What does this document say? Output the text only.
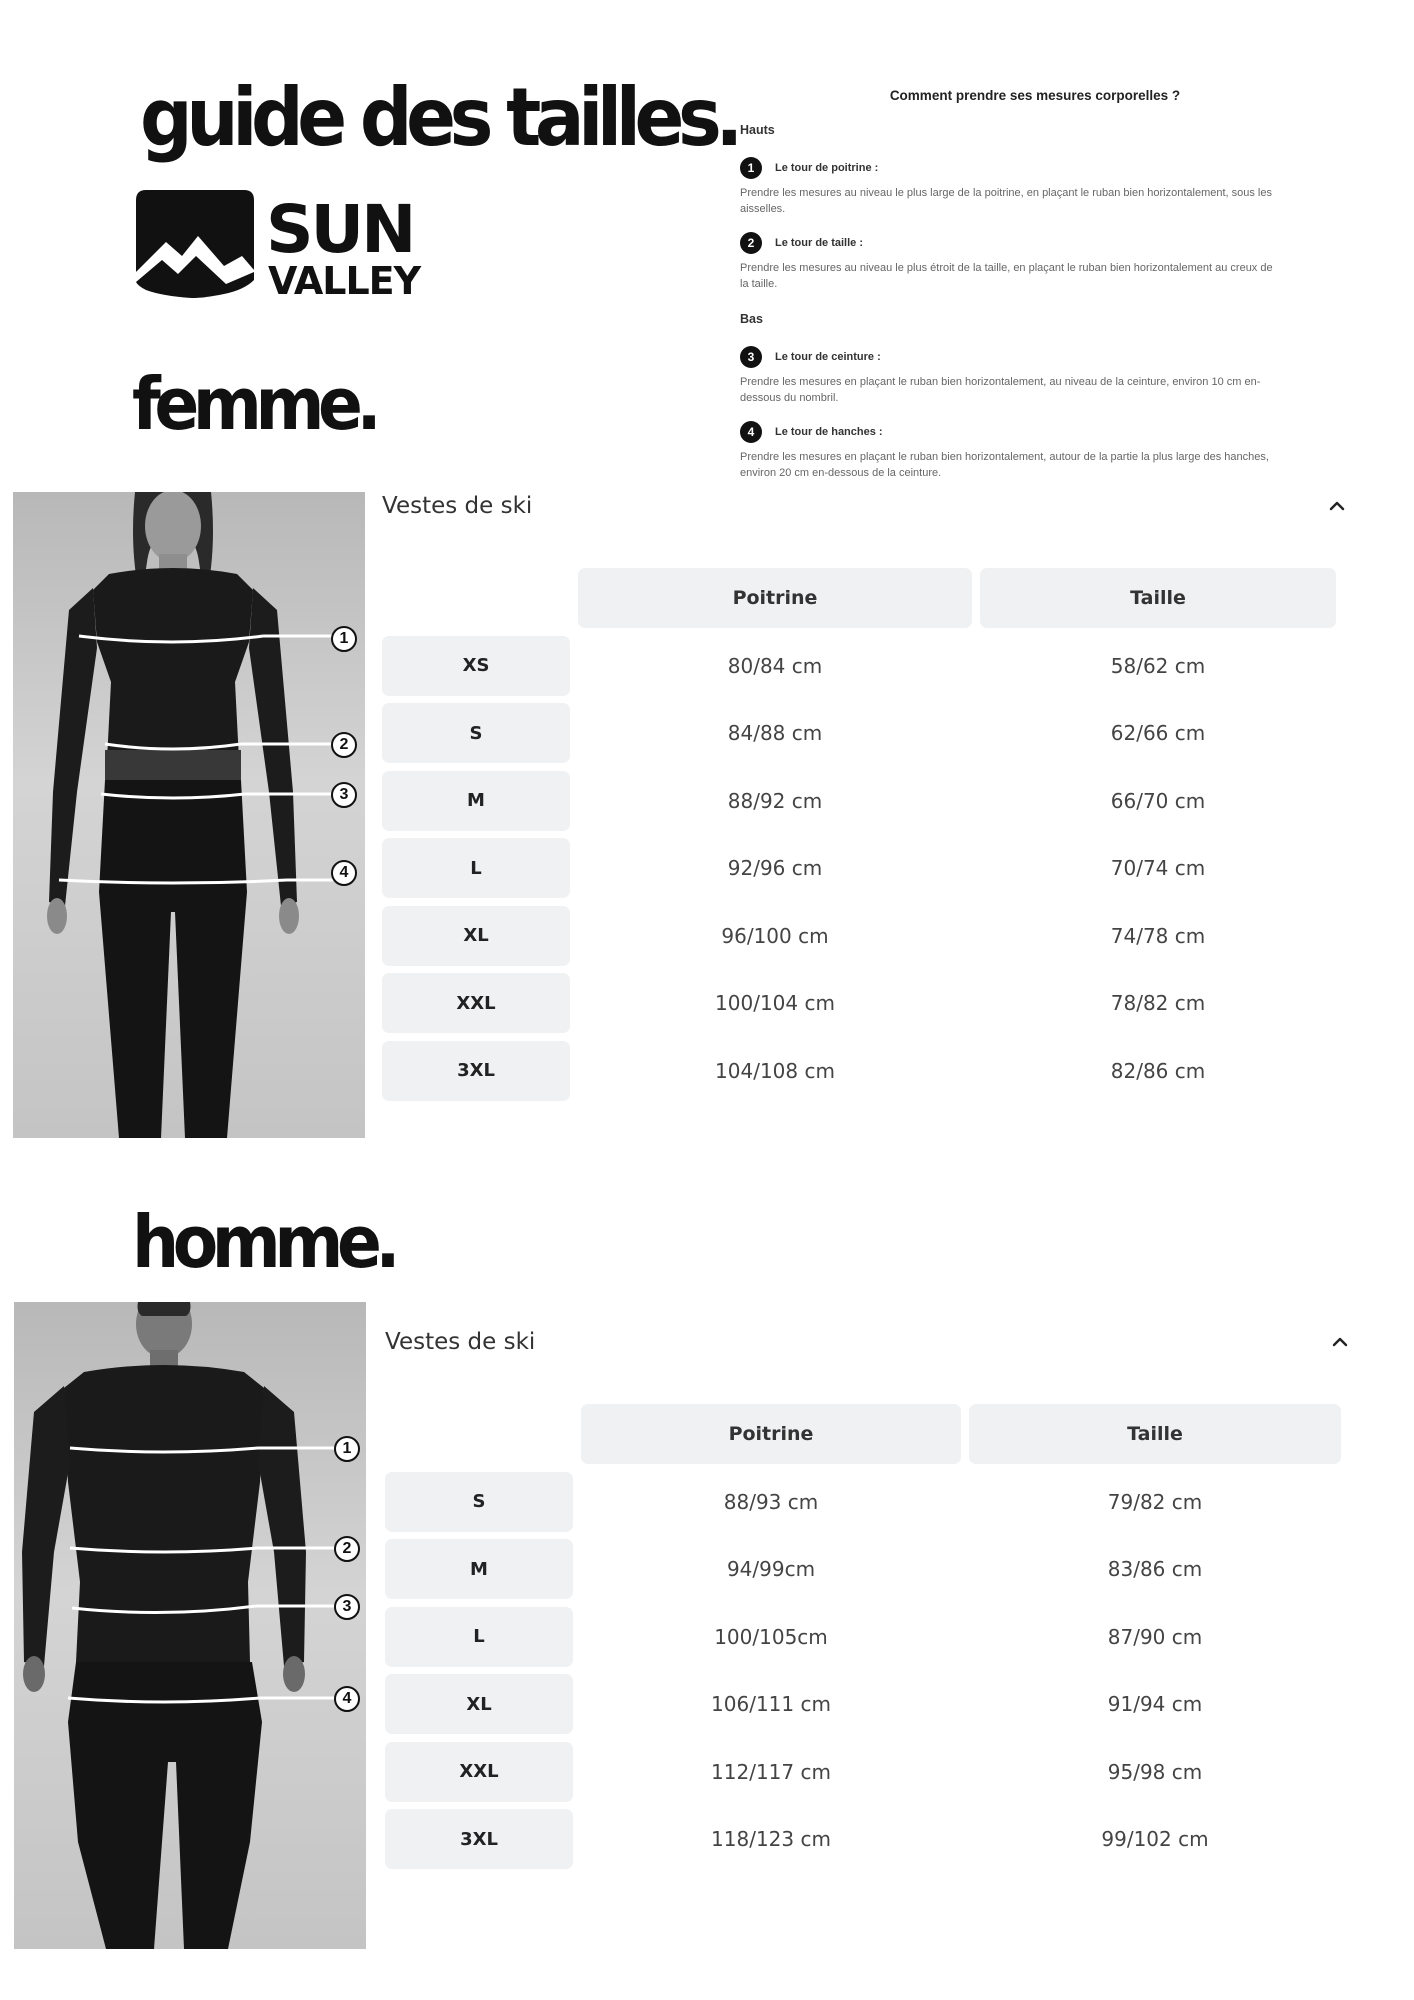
guide des tailles.
SUN
VALLEY
Comment prendre ses mesures corporelles ?
Hauts
1	Le tour de poitrine :
Prendre les mesures au niveau le plus large de la poitrine, en plaçant le ruban bien horizontalement, sous les aisselles.
2	Le tour de taille :
Prendre les mesures au niveau le plus étroit de la taille, en plaçant le ruban bien horizontalement au creux de la taille.
Bas
3	Le tour de ceinture :
Prendre les mesures en plaçant le ruban bien horizontalement, au niveau de la ceinture, environ 10 cm en-dessous du nombril.
4	Le tour de hanches :
Prendre les mesures en plaçant le ruban bien horizontalement, autour de la partie la plus large des hanches, environ 20 cm en-dessous de la ceinture.
femme.
1
2
3
4
Vestes de ski
Poitrine	Taille
XS	80/84 cm	58/62 cm
S	84/88 cm	62/66 cm
M	88/92 cm	66/70 cm
L	92/96 cm	70/74 cm
XL	96/100 cm	74/78 cm
XXL	100/104 cm	78/82 cm
3XL	104/108 cm	82/86 cm
homme.
1
2
3
4
Vestes de ski
Poitrine	Taille
S	88/93 cm	79/82 cm
M	94/99cm	83/86 cm
L	100/105cm	87/90 cm
XL	106/111 cm	91/94 cm
XXL	112/117 cm	95/98 cm
3XL	118/123 cm	99/102 cm
